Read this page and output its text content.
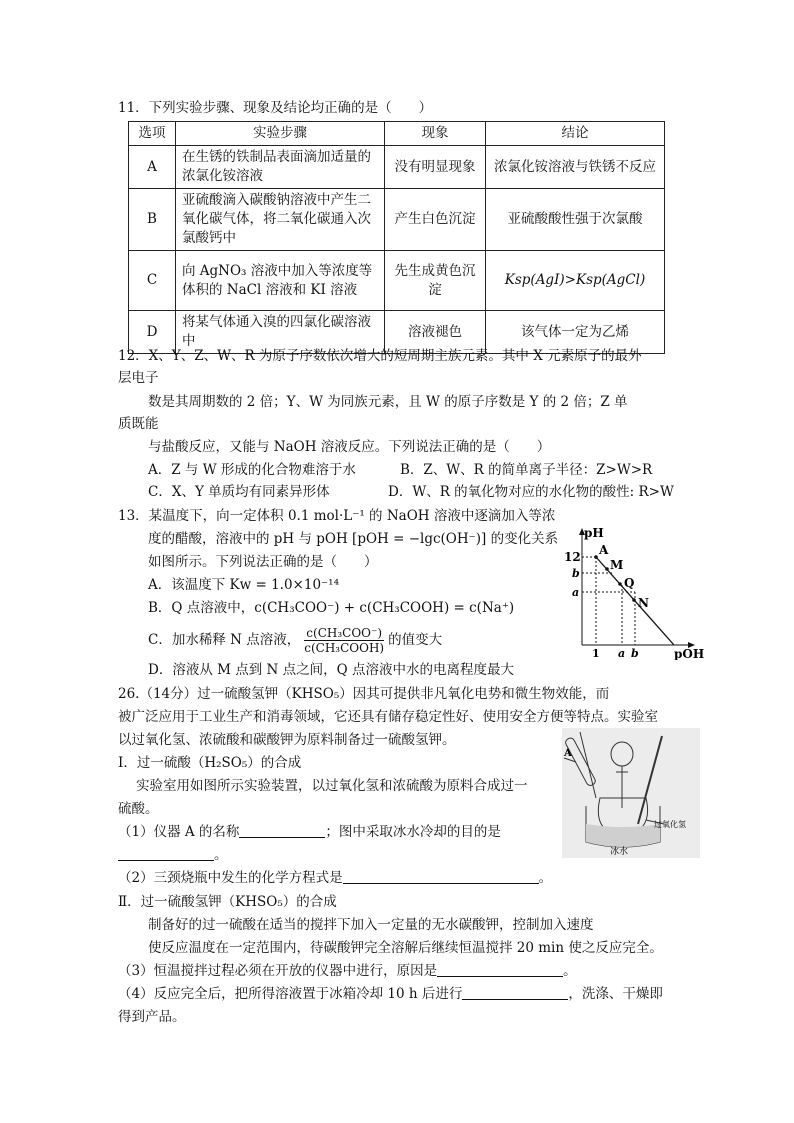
11．下列实验步骤、现象及结论均正确的是（　　）
选项	实验步骤	现象	结论
A	在生锈的铁制品表面滴加适量的浓氯化铵溶液	没有明显现象	浓氯化铵溶液与铁锈不反应
B	亚硫酸滴入碳酸钠溶液中产生二氧化碳气体，将二氧化碳通入次氯酸钙中	产生白色沉淀	亚硫酸酸性强于次氯酸
C	向 AgNO₃ 溶液中加入等浓度等体积的 NaCl 溶液和 KI 溶液	先生成黄色沉淀	Ksp(AgI)>Ksp(AgCl)
D	将某气体通入溴的四氯化碳溶液中	溶液褪色	该气体一定为乙烯
12．X、Y、Z、W、R 为原子序数依次增大的短周期主族元素。其中 X 元素原子的最外
层电子
数是其周期数的 2 倍；Y、W 为同族元素，且 W 的原子序数是 Y 的 2 倍；Z 单
质既能
与盐酸反应，又能与 NaOH 溶液反应。下列说法正确的是（　　）
A．Z 与 W 形成的化合物难溶于水	B．Z、W、R 的简单离子半径：Z>W>R
C．X、Y 单质均有同素异形体	D．W、R 的氧化物对应的水化物的酸性: R>W
13．某温度下，向一定体积 0.1 mol·L⁻¹ 的 NaOH 溶液中逐滴加入等浓
度的醋酸，溶液中的 pH 与 pOH [pOH = −lgc(OH⁻)] 的变化关系
如图所示。下列说法正确的是（　　）
A．该温度下 Kw = 1.0×10⁻¹⁴
B．Q 点溶液中，c(CH₃COO⁻) + c(CH₃COOH) = c(Na⁺)
C．加水稀释 N 点溶液， $\frac{\text{c(CH₃COO⁻)}}{\text{c(CH₃COOH)}}$ 的值变大
D．溶液从 M 点到 N 点之间，Q 点溶液中水的电离程度最大
pH
pOH
12
b
a
1 a b
A
M
Q
N
26.（14分）过一硫酸氢钾（KHSO₅）因其可提供非凡氧化电势和微生物效能，而
被广泛应用于工业生产和消毒领域，它还具有储存稳定性好、使用安全方便等特点。实验室
以过氧化氢、浓硫酸和碳酸钾为原料制备过一硫酸氢钾。
Ⅰ．过一硫酸（H₂SO₅）的合成
实验室用如图所示实验装置，以过氧化氢和浓硫酸为原料合成过一
硫酸。
（1）仪器 A 的名称	；图中采取冰水冷却的目的是
。
（2）三颈烧瓶中发生的化学方程式是	。
Ⅱ．过一硫酸氢钾（KHSO₅）的合成
制备好的过一硫酸在适当的搅拌下加入一定量的无水碳酸钾，控制加入速度
使反应温度在一定范围内，待碳酸钾完全溶解后继续恒温搅拌 20 min 使之反应完全。
（3）恒温搅拌过程必须在开放的仪器中进行，原因是	。
（4）反应完全后，把所得溶液置于冰箱冷却 10 h 后进行	，洗涤、干燥即
得到产品。
A
过氧化氢
冰水
